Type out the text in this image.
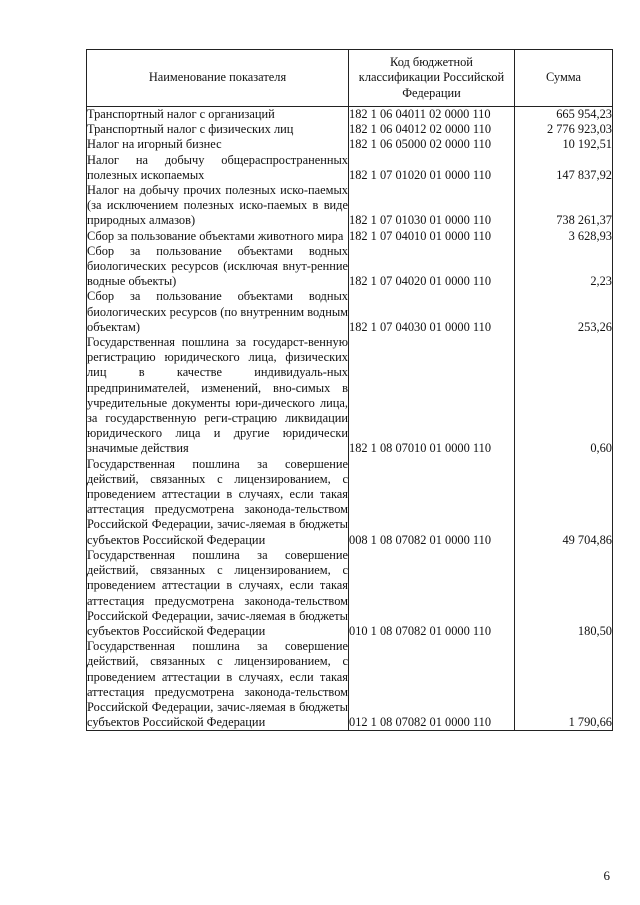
Наименование показателя	Код бюджетной классификации Российской Федерации	Сумма
Транспортный налог с организаций	182 1 06 04011 02 0000 110	665 954,23
Транспортный налог с физических лиц	182 1 06 04012 02 0000 110	2 776 923,03
Налог на игорный бизнес	182 1 06 05000 02 0000 110	10 192,51
Налог на добычу общераспространенных полезных ископаемых	182 1 07 01020 01 0000 110	147 837,92
Налог на добычу прочих полезных иско-паемых (за исключением полезных иско-паемых в виде природных алмазов)	182 1 07 01030 01 0000 110	738 261,37
Сбор за пользование объектами животного мира	182 1 07 04010 01 0000 110	3 628,93
Сбор за пользование объектами водных биологических ресурсов (исключая внут-ренние водные объекты)	182 1 07 04020 01 0000 110	2,23
Сбор за пользование объектами водных биологических ресурсов (по внутренним водным объектам)	182 1 07 04030 01 0000 110	253,26
Государственная пошлина за государст-венную регистрацию юридического лица, физических лиц в качестве индивидуаль-ных предпринимателей, изменений, вно-симых в учредительные документы юри-дического лица, за государственную реги-страцию ликвидации юридического лица и другие юридически значимые действия	182 1 08 07010 01 0000 110	0,60
Государственная пошлина за совершение действий, связанных с лицензированием, с проведением аттестации в случаях, если такая аттестация предусмотрена законода-тельством Российской Федерации, зачис-ляемая в бюджеты субъектов Российской Федерации	008 1 08 07082 01 0000 110	49 704,86
Государственная пошлина за совершение действий, связанных с лицензированием, с проведением аттестации в случаях, если такая аттестация предусмотрена законода-тельством Российской Федерации, зачис-ляемая в бюджеты субъектов Российской Федерации	010 1 08 07082 01 0000 110	180,50
Государственная пошлина за совершение действий, связанных с лицензированием, с проведением аттестации в случаях, если такая аттестация предусмотрена законода-тельством Российской Федерации, зачис-ляемая в бюджеты субъектов Российской Федерации	012 1 08 07082 01 0000 110	1 790,66
6
